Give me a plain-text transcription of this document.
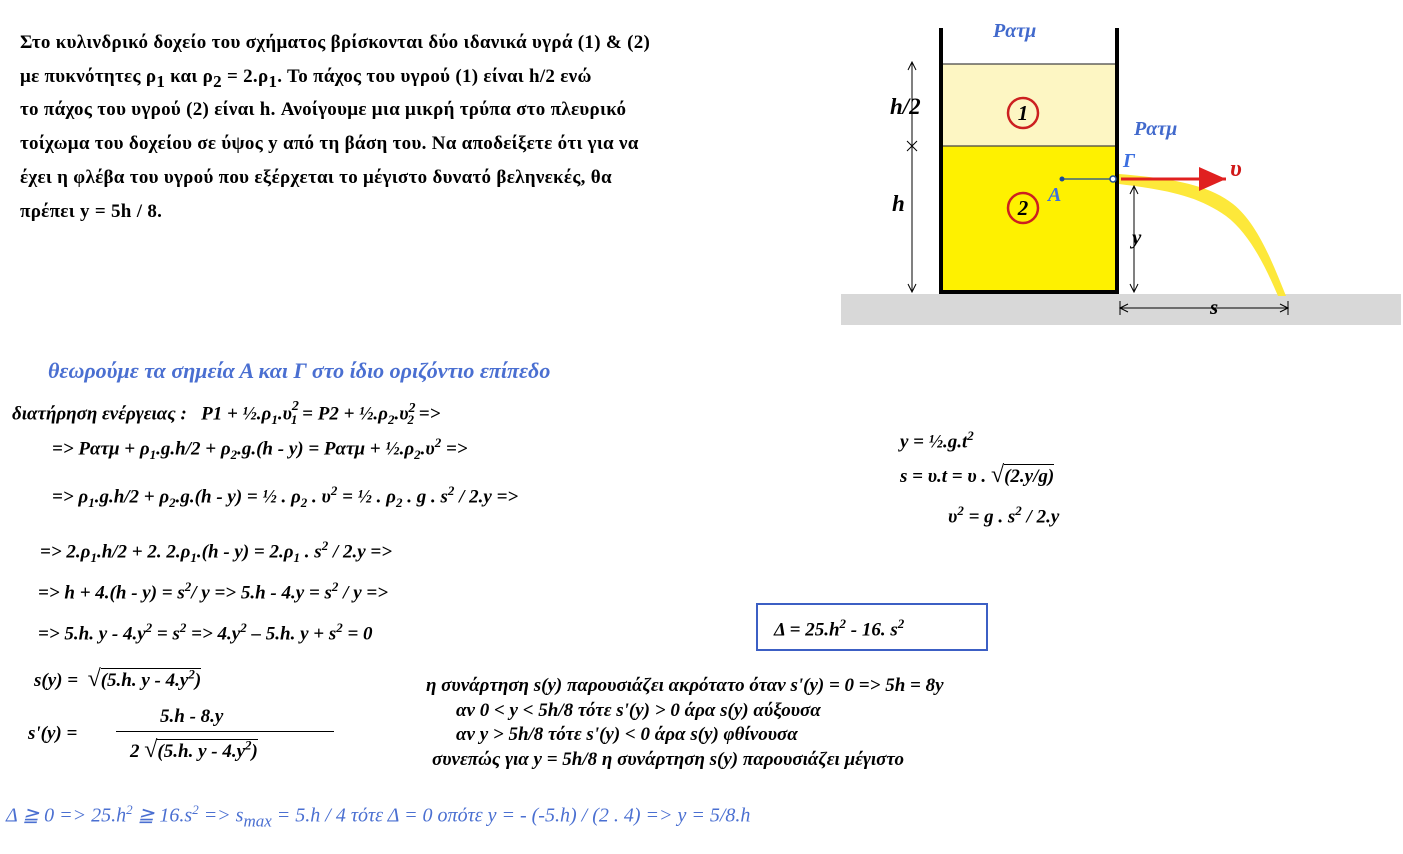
Στο κυλινδρικό δοχείο του σχήματος βρίσκονται δύο ιδανικά υγρά (1) & (2)
με πυκνότητες $\rho_1$ και $\rho_2 = 2.\rho_1$. Το πάχος του υγρού (1) είναι h/2 ενώ
το πάχος του υγρού (2) είναι h. Ανοίγουμε μια μικρή τρύπα στο πλευρικό
τοίχωμα του δοχείου σε ύψος y από τη βάση του. Να αποδείξετε ότι για να
έχει η φλέβα του υγρού που εξέρχεται το μέγιστο δυνατό βεληνεκές, θα
πρέπει y = 5h / 8.
1
2
Ρατμ
Ρατμ
h/2
h	Α
Γ	υ
y
s
θεωρούμε τα σημεία Α και Γ στο ίδιο οριζόντιο επίπεδο
διατήρηση ενέργειας : $P1 + \frac{1}{2}.\rho_1.\upsilon^2_1 = P2$ + $\frac{1}{2}.\rho_2.\upsilon^2_2$ =>
=> $P\alpha\tau\mu + \rho_1.g.h/2 + \rho_2.g.(h - y) = P\alpha\tau\mu$ + $\frac{1}{2}.\rho_2.\upsilon^2$ =>
=> $\rho_1.g.h/2 + \rho_2.g.(h - y)$ = ½ . $\rho_2$ . $\upsilon^2$ = ½ . $\rho_2$ . g . $s^2 / 2.y$ =>
=> $2.\rho_1.h/2 + 2$. $2.\rho_1.(h - y) = 2.\rho_1$ . $s^2 / 2.y$ =>
=> $h + 4.(h - y) = s^2/$ $y => 5.h - 4.y = s^2 / y$ =>
=> 5.h. $y - 4.y^2 = s^2 => 4.y^2 - 5.h$. $y + s^2 = 0$	$\Delta = 25.h^2 - 16$. $s^2$
s(y) = √(5.h. y - $4.y^2$)
s'(y) =
5.h - 8.y
2 √(5.h. y - $4.y^2$)
$y = \frac{1}{2}.g.t^2$
s = υ.t = υ . √(2.y/g)
$\upsilon^2 = g$ . $s^2 / 2.y$
η συνάρτηση s(y) παρουσιάζει ακρότατο όταν s'(y) = 0 => 5h = 8y
αν 0 < y < 5h/8 τότε s'(y) > 0 άρα s(y) αύξουσα
αν y > 5h/8 τότε s'(y) < 0 άρα s(y) φθίνουσα
συνεπώς για y = 5h/8 η συνάρτηση s(y) παρουσιάζει μέγιστο
Δ ≧ $0 => 25.h^2$ ≧ $16.s^2 => s_{max} = 5.h / 4$ τότε Δ = 0 οπότε y = - (-5.h) / (2 . 4) => y = 5/8.h
